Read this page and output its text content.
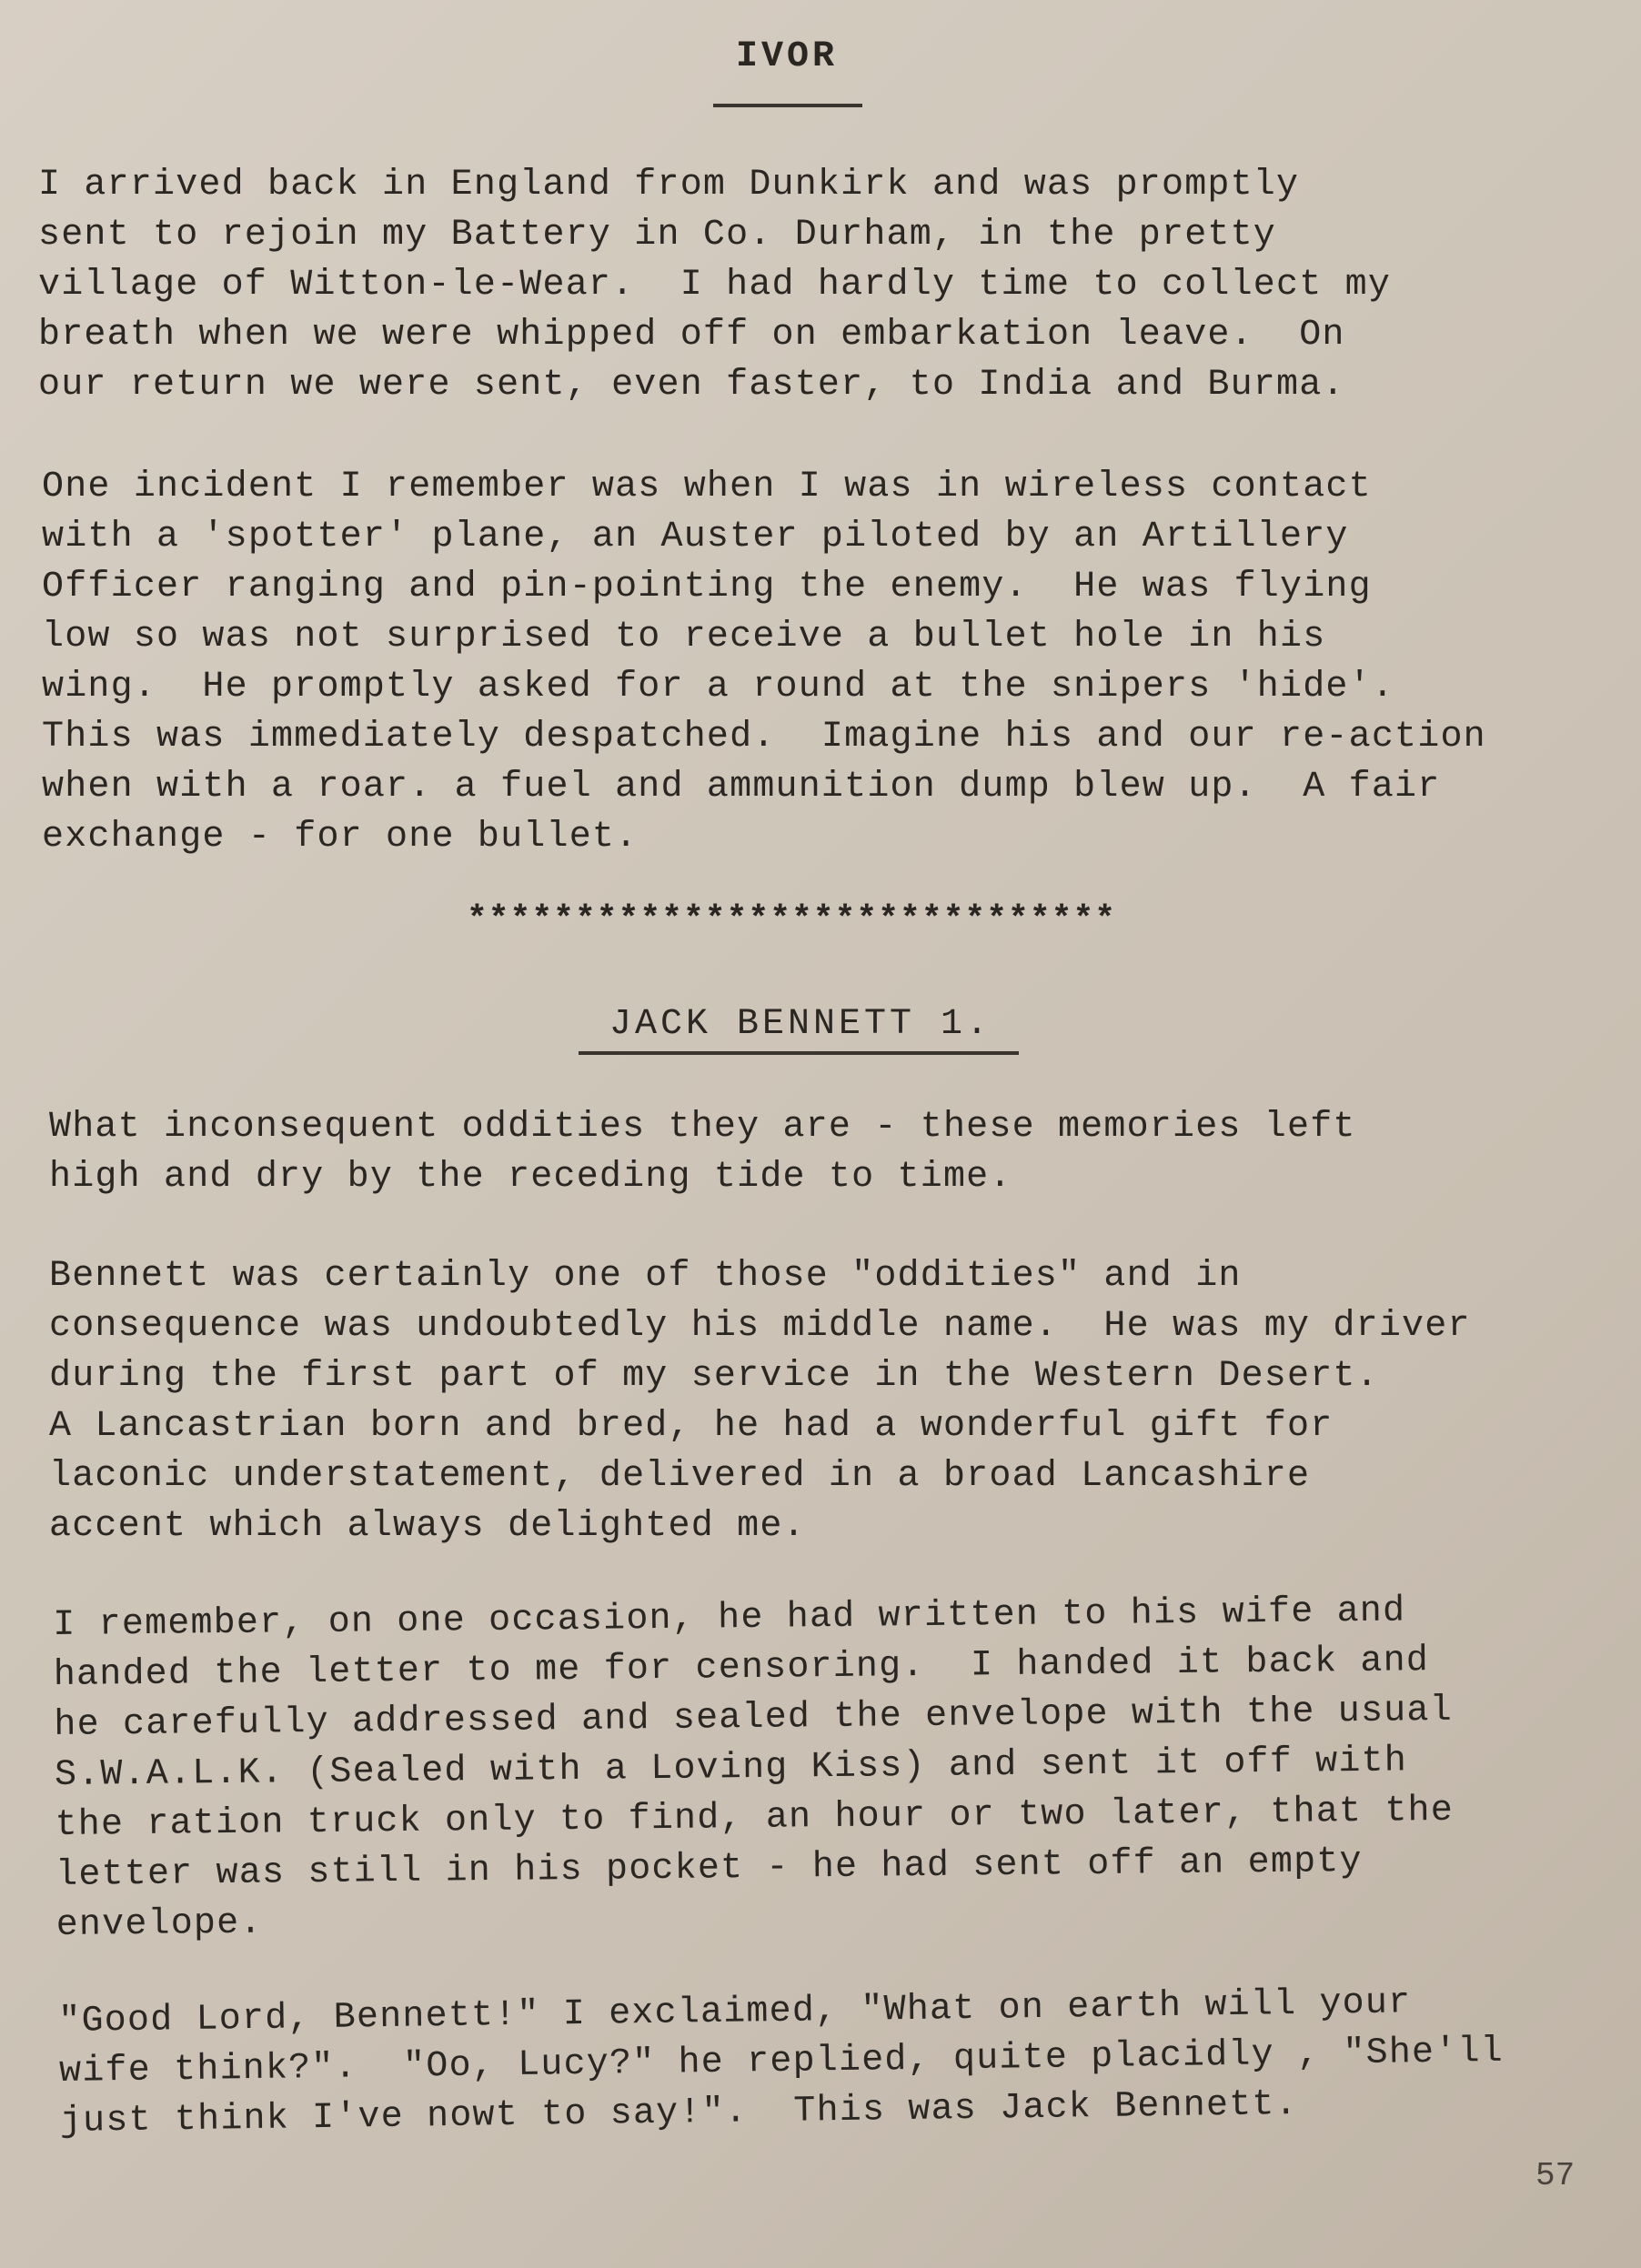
IVOR

I arrived back in England from Dunkirk and was promptly
sent to rejoin my Battery in Co. Durham, in the pretty
village of Witton-le-Wear.  I had hardly time to collect my
breath when we were whipped off on embarkation leave.  On
our return we were sent, even faster, to India and Burma.

One incident I remember was when I was in wireless contact
with a 'spotter' plane, an Auster piloted by an Artillery
Officer ranging and pin-pointing the enemy.  He was flying
low so was not surprised to receive a bullet hole in his
wing.  He promptly asked for a round at the snipers 'hide'.
This was immediately despatched.  Imagine his and our re-action
when with a roar. a fuel and ammunition dump blew up.  A fair
exchange - for one bullet.

******************************
JACK BENNETT 1.

What inconsequent oddities they are - these memories left
high and dry by the receding tide to time.

Bennett was certainly one of those "oddities" and in
consequence was undoubtedly his middle name.  He was my driver
during the first part of my service in the Western Desert.
A Lancastrian born and bred, he had a wonderful gift for
laconic understatement, delivered in a broad Lancashire
accent which always delighted me.

I remember, on one occasion, he had written to his wife and
handed the letter to me for censoring.  I handed it back and
he carefully addressed and sealed the envelope with the usual
S.W.A.L.K. (Sealed with a Loving Kiss) and sent it off with
the ration truck only to find, an hour or two later, that the
letter was still in his pocket - he had sent off an empty
envelope.

"Good Lord, Bennett!" I exclaimed, "What on earth will your
wife think?".  "Oo, Lucy?" he replied, quite placidly , "She'll
just think I've nowt to say!".  This was Jack Bennett.

57
